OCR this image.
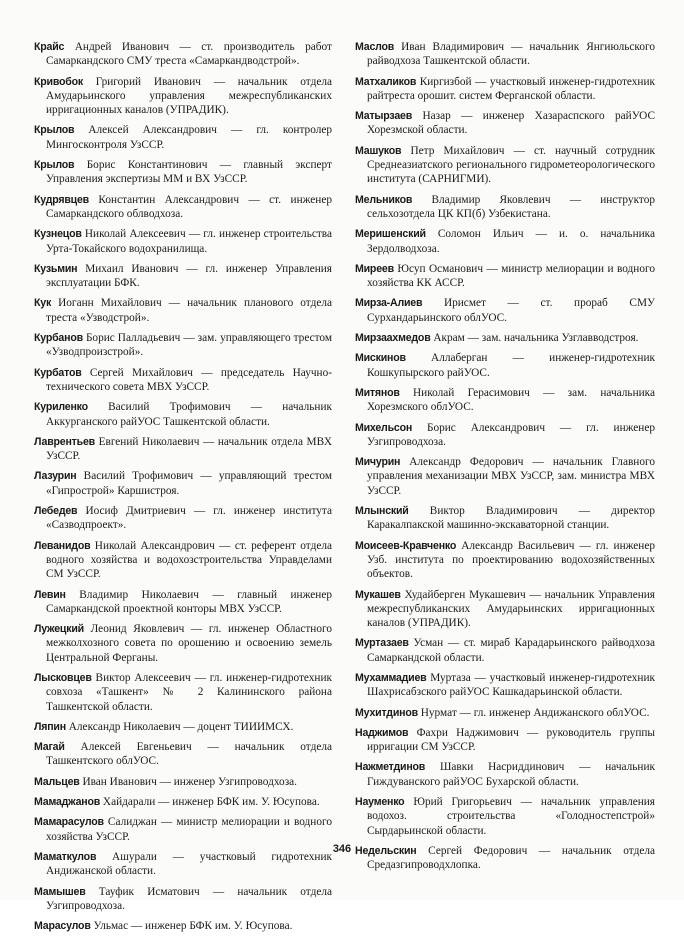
Крайс Андрей Иванович — ст. производитель работ Самаркандского СМУ треста «Самаркандводстрой».

Кривобок Григорий Иванович — начальник отдела Амударьинского управления межреспубликанских ирригационных каналов (УПРАДИК).

Крылов Алексей Александрович — гл. контролер Мингосконтроля УзССР.

Крылов Борис Константинович — главный эксперт Управления экспертизы ММ и ВХ УзССР.

Кудрявцев Константин Александрович — ст. инженер Самаркандского облводхоза.

Кузнецов Николай Алексеевич — гл. инженер строительства Урта-Токайского водохранилища.

Кузьмин Михаил Иванович — гл. инженер Управления эксплуатации БФК.

Кук Иоганн Михайлович — начальник планового отдела треста «Узводстрой».

Курбанов Борис Палладьевич — зам. управляющего трестом «Узводпроизстрой».

Курбатов Сергей Михайлович — председатель Научно-технического совета МВХ УзССР.

Куриленко Василий Трофимович — начальник Аккурганского райУОС Ташкентской области.

Лаврентьев Евгений Николаевич — начальник отдела МВХ УзССР.

Лазурин Василий Трофимович — управляющий трестом «Гипрострой» Каршистроя.

Лебедев Иосиф Дмитриевич — гл. инженер института «Сазводпроект».

Леванидов Николай Александрович — ст. референт отдела водного хозяйства и водохозстроительства Управделами СМ УзССР.

Левин Владимир Николаевич — главный инженер Самаркандской проектной конторы МВХ УзССР.

Лужецкий Леонид Яковлевич — гл. инженер Областного межколхозного совета по орошению и освоению земель Центральной Ферганы.

Лысковцев Виктор Алексеевич — гл. инженер-гидротехник совхоза «Ташкент» № 2 Калининского района Ташкентской области.

Ляпин Александр Николаевич — доцент ТИИИМСХ.

Магай Алексей Евгеньевич — начальник отдела Ташкентского облУОС.

Мальцев Иван Иванович — инженер Узгипроводхоза.

Мамаджанов Хайдарали — инженер БФК им. У. Юсупова.

Мамарасулов Салиджан — министр мелиорации и водного хозяйства УзССР.

Маматкулов Ашурали — участковый гидротехник Андижанской области.

Мамышев Тауфик Исматович — начальник отдела Узгипроводхоза.

Марасулов Ульмас — инженер БФК им. У. Юсупова.

Маслов Иван Владимирович — начальник Янгиюльского райводхоза Ташкентской области.

Матхаликов Киргизбой — участковый инженер-гидротехник райтреста орошит. систем Ферганской области.

Матырзаев Назар — инженер Хазараспского райУОС Хорезмской области.

Машуков Петр Михайлович — ст. научный сотрудник Среднеазиатского регионального гидрометеорологического института (САРНИГМИ).

Мельников Владимир Яковлевич — инструктор сельхозотдела ЦК КП(б) Узбекистана.

Меришенский Соломон Ильич — и. о. начальника Зердолводхоза.

Миреев Юсуп Османович — министр мелиорации и водного хозяйства КК АССР.

Мирза-Алиев Ирисмет — ст. прораб СМУ Сурхандарьинского облУОС.

Мирзаахмедов Акрам — зам. начальника Узглавводстроя.

Мискинов Аллаберган — инженер-гидротехник Кошкупырского райУОС.

Митянов Николай Герасимович — зам. начальника Хорезмского облУОС.

Михельсон Борис Александрович — гл. инженер Узгипроводхоза.

Мичурин Александр Федорович — начальник Главного управления механизации МВХ УзССР, зам. министра МВХ УзССР.

Млынский Виктор Владимирович — директор Каракалпакской машинно-экскаваторной станции.

Моисеев-Кравченко Александр Васильевич — гл. инженер Узб. института по проектированию водохозяйственных объектов.

Мукашев Худайберген Мукашевич — начальник Управления межреспубликанских Амударьинских ирригационных каналов (УПРАДИК).

Муртазаев Усман — ст. мираб Карадарьинского райводхоза Самаркандской области.

Мухаммадиев Муртаза — участковый инженер-гидротехник Шахрисабзского райУОС Кашкадарьинской области.

Мухитдинов Нурмат — гл. инженер Андижанского облУОС.

Наджимов Фахри Наджимович — руководитель группы ирригации СМ УзССР.

Нажметдинов Шавки Насриддинович — начальник Гиждуванского райУОС Бухарской области.

Науменко Юрий Григорьевич — начальник управления водохоз. строительства «Голодностепстрой» Сырдарьинской области.

Недельскин Сергей Федорович — начальник отдела Средазгипроводхлопка.

346
